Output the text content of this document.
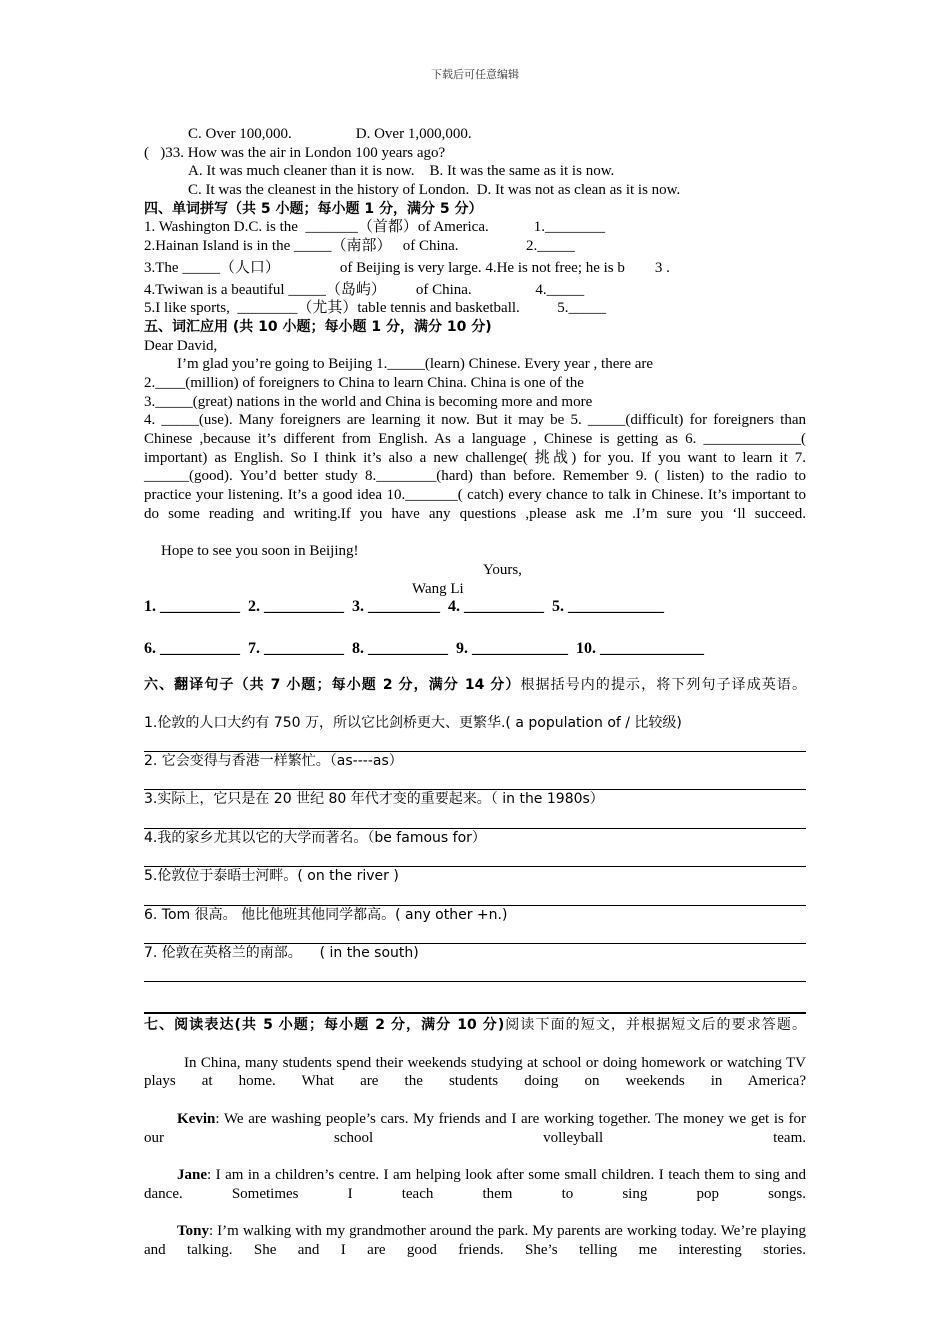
下载后可任意编辑
C. Over 100,000.	D. Over 1,000,000.
(   )33. How was the air in London 100 years ago?
A. It was much cleaner than it is now.    B. It was the same as it is now.
C. It was the cleanest in the history of London.  D. It was not as clean as it is now.
四、单词拼写（共 5 小题；每小题 1 分，满分 5 分）
1. Washington D.C. is the  _______（首都）of America.            1.________
2.Hainan Island is in the _____（南部）   of China.                  2._____
3.The _____（人口）                of Beijing is very large. 4.He is not free; he is b        3 .
4.Twiwan is a beautiful _____（岛屿）        of China.                 4._____
5.I like sports,  ________（尤其）table tennis and basketball.          5._____
五、词汇应用 (共 10 小题；每小题 1 分，满分 10 分)
Dear David,
I’m glad you’re going to Beijing 1._____(learn) Chinese. Every year , there are
2.____(million) of foreigners to China to learn China. China is one of the
3._____(great) nations in the world and China is becoming more and more
4. _____(use). Many foreigners are learning it now. But it may be 5. _____(difficult) for foreigners than Chinese ,because it’s different from English. As a language , Chinese is getting as 6. _____________( important) as English. So I think it’s also a new challenge( 挑战) for you. If you want to learn it 7. ______(good). You’d better study 8.________(hard) than before. Remember 9. ( listen) to the radio to practice your listening. It’s a good idea 10._______( catch) every chance to talk in Chinese. It’s important to do some reading and writing.If you have any questions ,please ask me .I’m sure you ‘ll succeed.
Hope to see you soon in Beijing!
Yours,
Wang Li
1. __________  2. __________  3. _________  4. __________  5. ____________
6. __________  7. __________  8. __________  9. ____________  10. _____________
六、翻译句子（共 7 小题；每小题 2 分，满分 14 分）根据括号内的提示，将下列句子译成英语。
1.伦敦的人口大约有 750 万，所以它比剑桥更大、更繁华.( a population of / 比较级)
2. 它会变得与香港一样繁忙。（as----as）
3.实际上，它只是在 20 世纪 80 年代才变的重要起来。（ in the 1980s）
4.我的家乡尤其以它的大学而著名。（be famous for）
5.伦敦位于泰晤士河畔。( on the river )
6. Tom 很高。 他比他班其他同学都高。( any other +n.)
7. 伦敦在英格兰的南部。    ( in the south)
七、阅读表达(共 5 小题；每小题 2 分，满分 10 分)阅读下面的短文，并根据短文后的要求答题。
In China, many students spend their weekends studying at school or doing homework or watching TV plays at home. What are the students doing on weekends in America?
Kevin: We are washing people’s cars. My friends and I are working together. The money we get is for our school volleyball team.
Jane: I am in a children’s centre. I am helping look after some small children. I teach them to sing and dance. Sometimes I teach them to sing pop songs.
Tony: I’m walking with my grandmother around the park. My parents are working today. We’re playing and talking. She and I are good friends. She’s telling me interesting stories.
